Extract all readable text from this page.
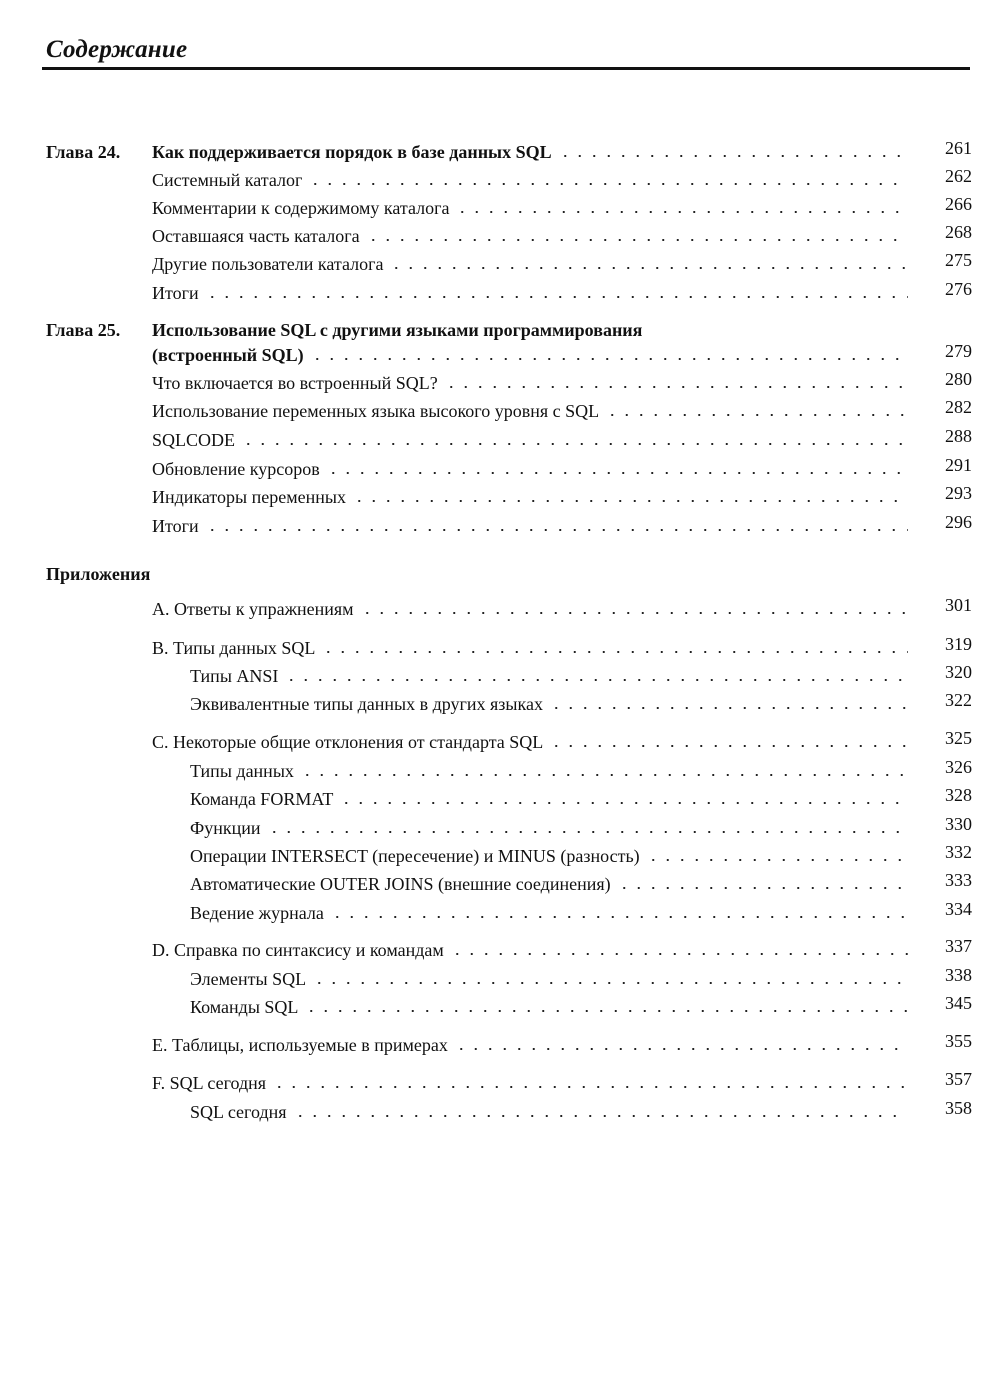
Содержание
Глава 24. Как поддерживается порядок в базе данных SQL	261
Системный каталог	262
Комментарии к содержимому каталога	266
Оставшаяся часть каталога	268
Другие пользователи каталога	275
Итоги	276
Глава 25. Использование SQL с другими языками программирования
(встроенный SQL)	279
Что включается во встроенный SQL?	280
Использование переменных языка высокого уровня с SQL	282
SQLCODE	288
Обновление курсоров	291
Индикаторы переменных	293
Итоги	296
Приложения
A. Ответы к упражнениям	301
B. Типы данных SQL	319
Типы ANSI	320
Эквивалентные типы данных в других языках	322
C. Некоторые общие отклонения от стандарта SQL	325
Типы данных	326
Команда FORMAT	328
Функции	330
Операции INTERSECT (пересечение) и MINUS (разность)	332
Автоматические OUTER JOINS (внешние соединения)	333
Ведение журнала	334
D. Справка по синтаксису и командам	337
Элементы SQL	338
Команды SQL	345
E. Таблицы, используемые в примерах	355
F. SQL сегодня	357
SQL сегодня	358
